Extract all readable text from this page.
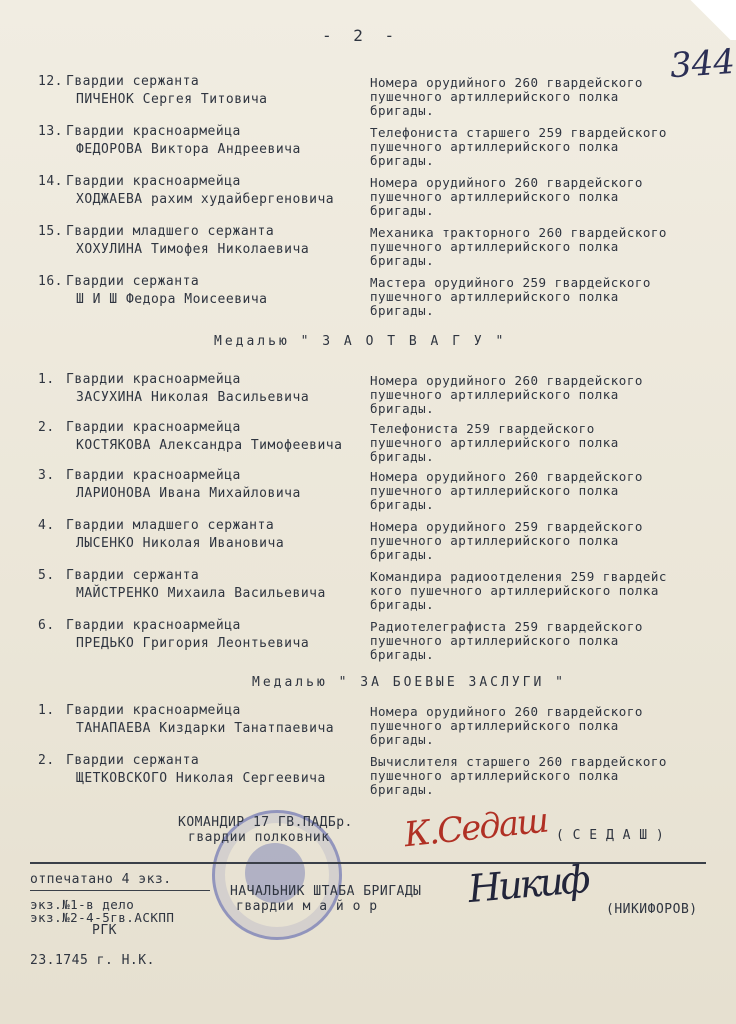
- 2 -
344
12. Гвардии сержанта
ПИЧЕНОК Сергея Титовича
Номера орудийного 260 гвардейского
пушечного артиллерийского полка
бригады.
13. Гвардии красноармейца
ФЕДОРОВА Виктора Андреевича
Телефониста старшего 259 гвардейского
пушечного артиллерийского полка
бригады.
14. Гвардии красноармейца
ХОДЖАЕВА рахим худайбергеновича
Номера орудийного 260 гвардейского
пушечного артиллерийского полка
бригады.
15. Гвардии младшего сержанта
ХОХУЛИНА Тимофея Николаевича
Механика тракторного 260 гвардейского
пушечного артиллерийского полка
бригады.
16. Гвардии сержанта
Ш И Ш Федора Моисеевича
Мастера орудийного 259 гвардейского
пушечного артиллерийского полка
бригады.
Медалью " З А О Т В А Г У "
1. Гвардии красноармейца
ЗАСУХИНА Николая Васильевича
Номера орудийного 260 гвардейского
пушечного артиллерийского полка
бригады.
2. Гвардии красноармейца
КОСТЯКОВА Александра Тимофеевича
Телефониста 259 гвардейского
пушечного артиллерийского полка
бригады.
3. Гвардии красноармейца
ЛАРИОНОВА Ивана Михайловича
Номера орудийного 260 гвардейского
пушечного артиллерийского полка
бригады.
4. Гвардии младшего сержанта
ЛЫСЕНКО Николая Ивановича
Номера орудийного 259 гвардейского
пушечного артиллерийского полка
бригады.
5. Гвардии сержанта
МАЙСТРЕНКО Михаила Васильевича
Командира радиоотделения 259 гвардейс
кого пушечного артиллерийского полка
бригады.
6. Гвардии красноармейца
ПРЕДЬКО Григория Леонтьевича
Радиотелеграфиста 259 гвардейского
пушечного артиллерийского полка
бригады.
Медалью " ЗА БОЕВЫЕ ЗАСЛУГИ "
1. Гвардии красноармейца
ТАНАПАЕВА Киздарки Танатпаевича
Номера орудийного 260 гвардейского
пушечного артиллерийского полка
бригады.
2. Гвардии сержанта
ЩЕТКОВСКОГО Николая Сергеевича
Вычислителя старшего 260 гвардейского
пушечного артиллерийского полка
бригады.
КОМАНДИР 17 ГВ.ПАДБр.
гвардии полковник	К.Седаш ( С Е Д А Ш )
отпечатано 4 экз.
экз.№1-в дело
экз.№2-4-5гв.АСКПП
РГК
НАЧАЛЬНИК ШТАБА БРИГАДЫ
гвардии м а й о р	Никиф (НИКИФОРОВ)
23.1745 г. Н.К.
